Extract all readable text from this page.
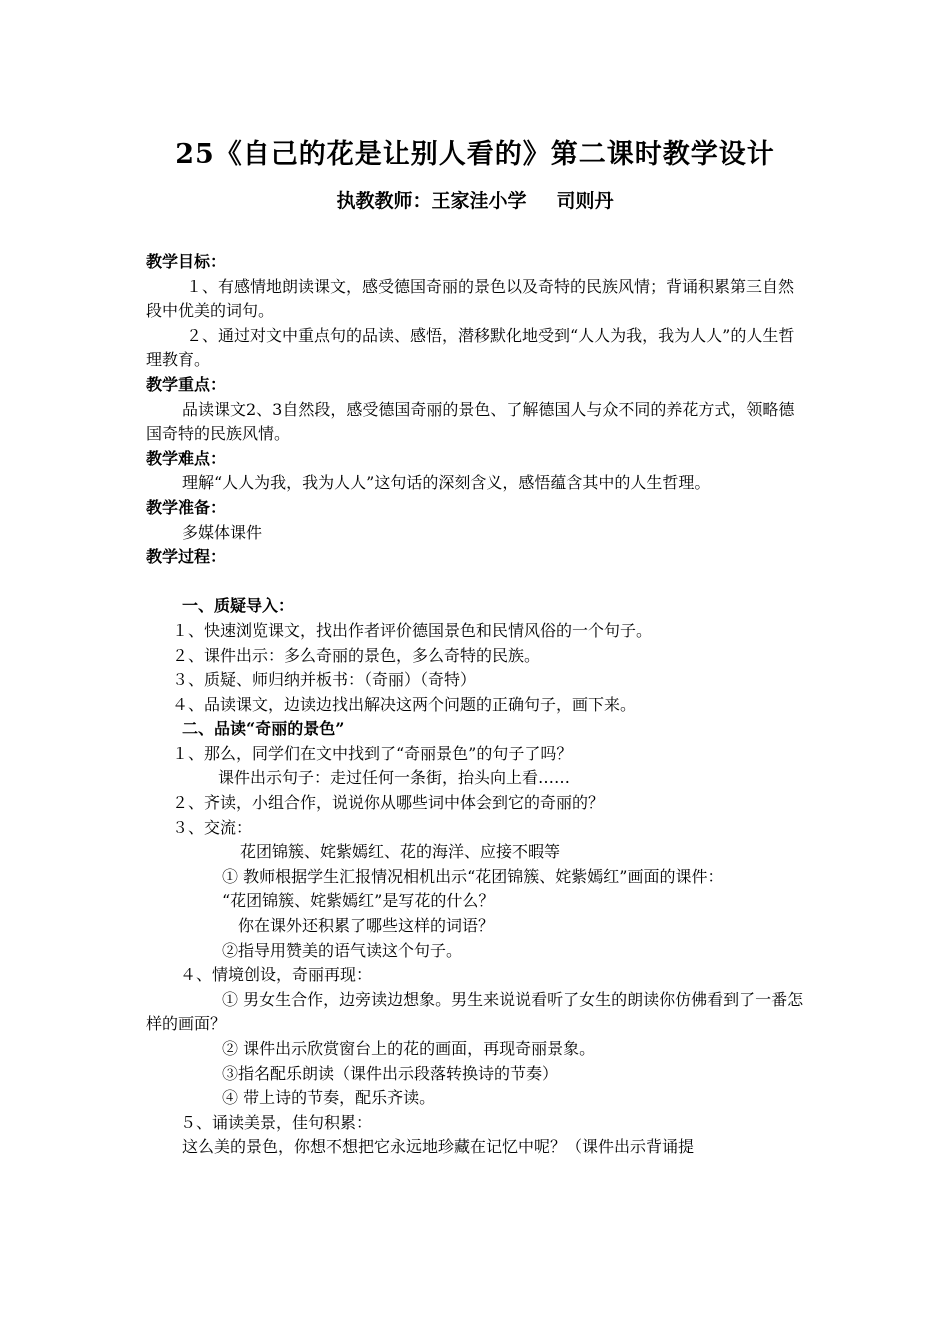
25《自己的花是让别人看的》第二课时教学设计
执教教师：王家洼小学 司则丹

教学目标：

１、有感情地朗读课文，感受德国奇丽的景色以及奇特的民族风情；背诵积累第三自然段中优美的词句。

２、通过对文中重点句的品读、感悟，潜移默化地受到“人人为我，我为人人”的人生哲理教育。

教学重点：

品读课文2、3自然段，感受德国奇丽的景色、了解德国人与众不同的养花方式，领略德国奇特的民族风情。

教学难点：

理解“人人为我，我为人人”这句话的深刻含义，感悟蕴含其中的人生哲理。

教学准备：

多媒体课件

教学过程：

一、质疑导入：

１、快速浏览课文，找出作者评价德国景色和民情风俗的一个句子。

２、课件出示：多么奇丽的景色，多么奇特的民族。

３、质疑、师归纳并板书：（奇丽）（奇特）

４、品读课文，边读边找出解决这两个问题的正确句子，画下来。

二、品读“奇丽的景色”

１、那么，同学们在文中找到了“奇丽景色”的句子了吗？

课件出示句子：走过任何一条街，抬头向上看……

２、齐读，小组合作，说说你从哪些词中体会到它的奇丽的？

３、交流：

花团锦簇、姹紫嫣红、花的海洋、应接不暇等

① 教师根据学生汇报情况相机出示“花团锦簇、姹紫嫣红”画面的课件：

“花团锦簇、姹紫嫣红”是写花的什么？

你在课外还积累了哪些这样的词语？

②指导用赞美的语气读这个句子。

４、情境创设，奇丽再现：

① 男女生合作，边旁读边想象。男生来说说看听了女生的朗读你仿佛看到了一番怎样的画面？

② 课件出示欣赏窗台上的花的画面，再现奇丽景象。

③指名配乐朗读（课件出示段落转换诗的节奏）

④ 带上诗的节奏，配乐齐读。

５、诵读美景，佳句积累：

这么美的景色，你想不想把它永远地珍藏在记忆中呢？（课件出示背诵提
